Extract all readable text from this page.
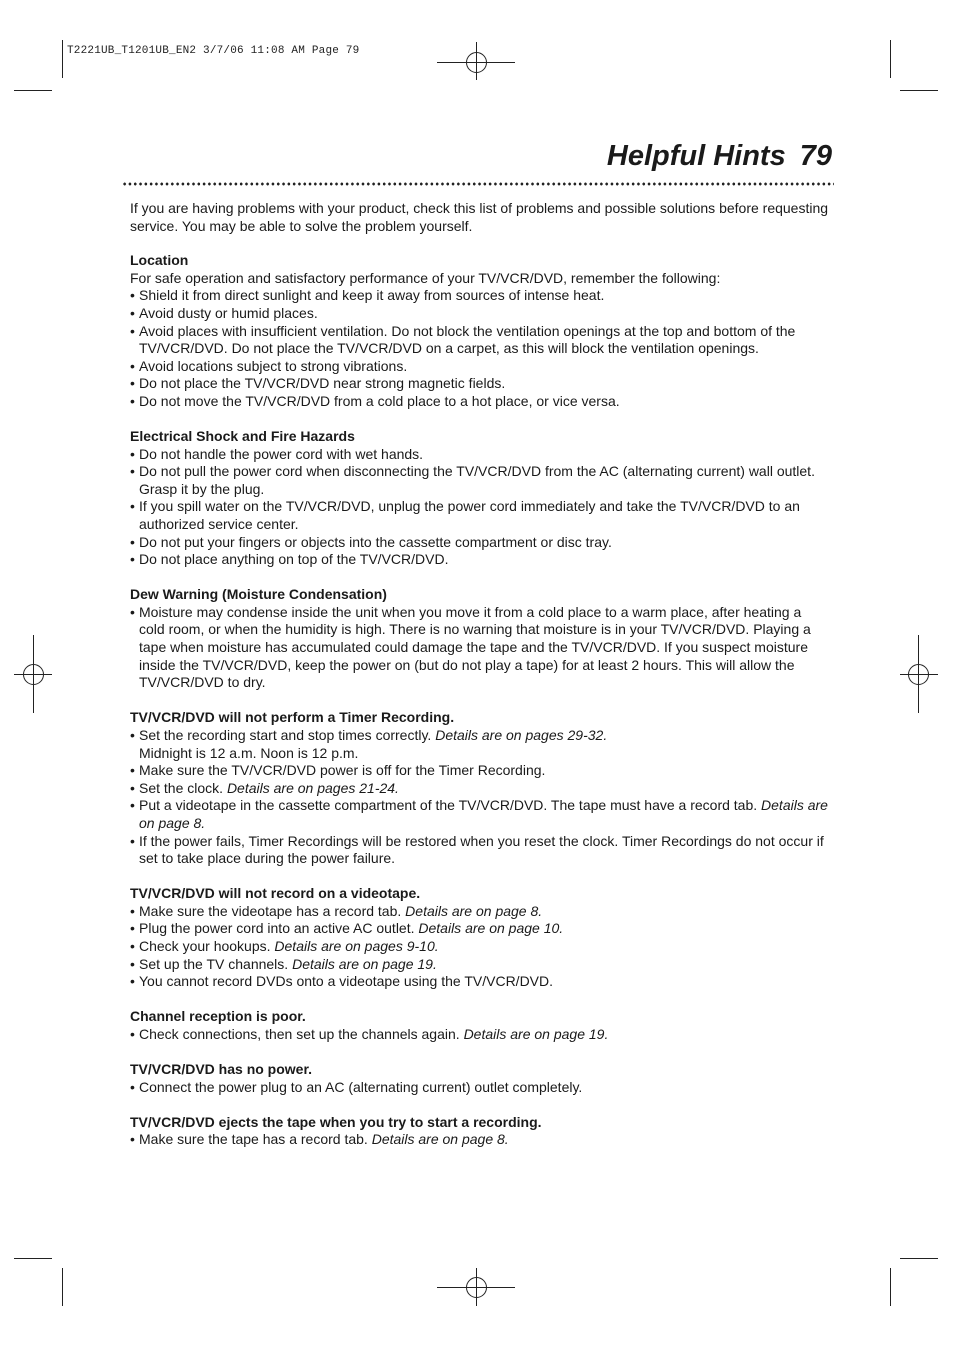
T2221UB_T1201UB_EN2 3/7/06 11:08 AM Page 79
Helpful Hints 79

If you are having problems with your product, check this list of problems and possible solutions before requesting service. You may be able to solve the problem yourself.

Location

For safe operation and satisfactory performance of your TV/VCR/DVD, remember the following:

• Shield it from direct sunlight and keep it away from sources of intense heat.
• Avoid dusty or humid places.
• Avoid places with insufficient ventilation. Do not block the ventilation openings at the top and bottom of the TV/VCR/DVD. Do not place the TV/VCR/DVD on a carpet, as this will block the ventilation openings.
• Avoid locations subject to strong vibrations.
• Do not place the TV/VCR/DVD near strong magnetic fields.
• Do not move the TV/VCR/DVD from a cold place to a hot place, or vice versa.

Electrical Shock and Fire Hazards

• Do not handle the power cord with wet hands.
• Do not pull the power cord when disconnecting the TV/VCR/DVD from the AC (alternating current) wall outlet. Grasp it by the plug.
• If you spill water on the TV/VCR/DVD, unplug the power cord immediately and take the TV/VCR/DVD to an authorized service center.
• Do not put your fingers or objects into the cassette compartment or disc tray.
• Do not place anything on top of the TV/VCR/DVD.

Dew Warning (Moisture Condensation)

• Moisture may condense inside the unit when you move it from a cold place to a warm place, after heating a cold room, or when the humidity is high. There is no warning that moisture is in your TV/VCR/DVD. Playing a tape when moisture has accumulated could damage the tape and the TV/VCR/DVD. If you suspect moisture inside the TV/VCR/DVD, keep the power on (but do not play a tape) for at least 2 hours. This will allow the TV/VCR/DVD to dry.

TV/VCR/DVD will not perform a Timer Recording.

• Set the recording start and stop times correctly. Details are on pages 29-32.
Midnight is 12 a.m. Noon is 12 p.m.
• Make sure the TV/VCR/DVD power is off for the Timer Recording.
• Set the clock. Details are on pages 21-24.
• Put a videotape in the cassette compartment of the TV/VCR/DVD. The tape must have a record tab. Details are on page 8.
• If the power fails, Timer Recordings will be restored when you reset the clock. Timer Recordings do not occur if set to take place during the power failure.

TV/VCR/DVD will not record on a videotape.

• Make sure the videotape has a record tab. Details are on page 8.
• Plug the power cord into an active AC outlet. Details are on page 10.
• Check your hookups. Details are on pages 9-10.
• Set up the TV channels. Details are on page 19.
• You cannot record DVDs onto a videotape using the TV/VCR/DVD.

Channel reception is poor.

• Check connections, then set up the channels again. Details are on page 19.

TV/VCR/DVD has no power.

• Connect the power plug to an AC (alternating current) outlet completely.

TV/VCR/DVD ejects the tape when you try to start a recording.

• Make sure the tape has a record tab. Details are on page 8.
